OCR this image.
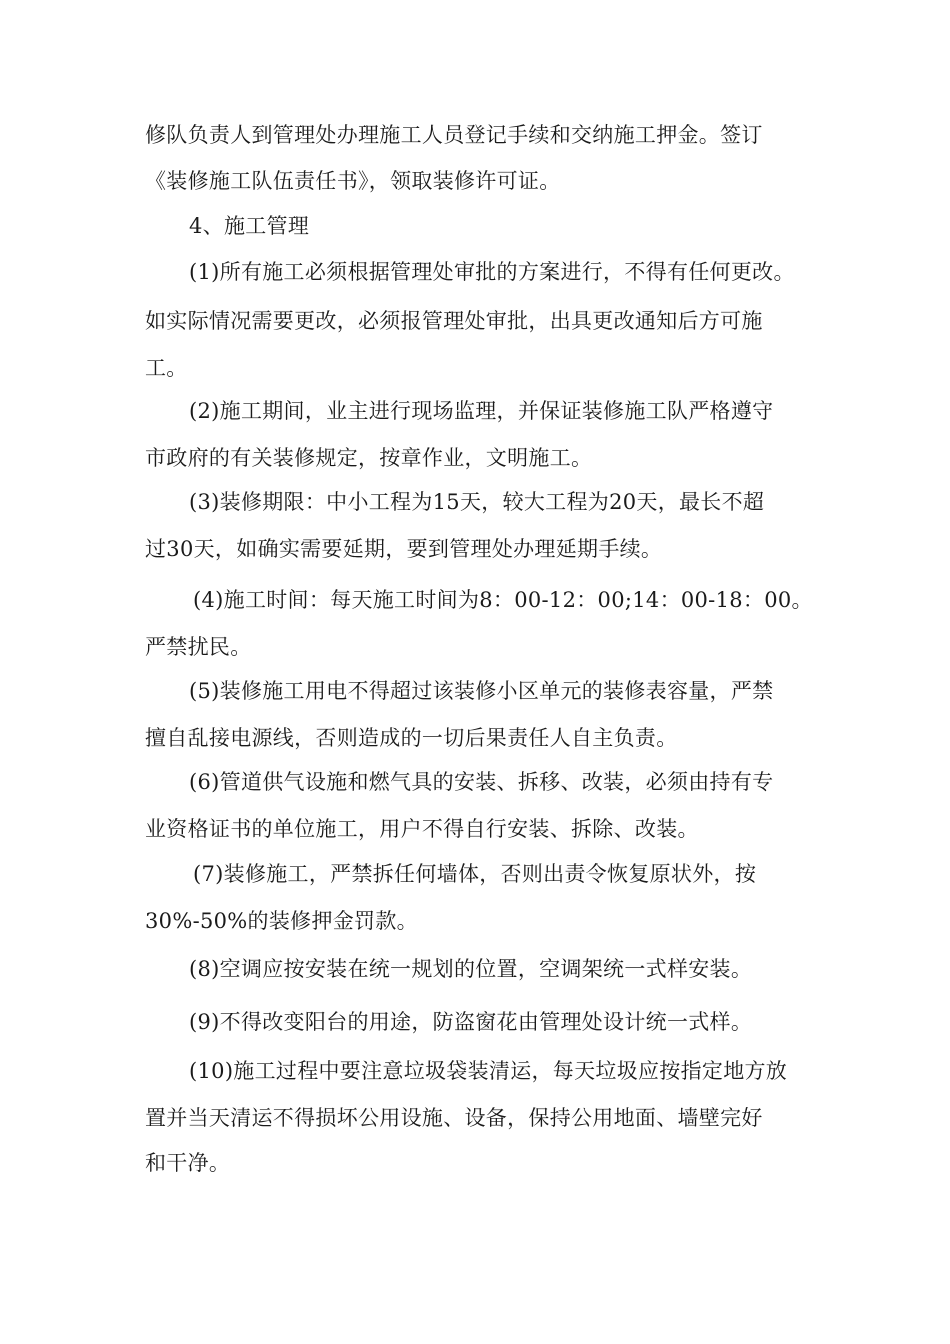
修队负责人到管理处办理施工人员登记手续和交纳施工押金。签订
《装修施工队伍责任书》，领取装修许可证。
4、施工管理
(1)所有施工必须根据管理处审批的方案进行，不得有任何更改。
如实际情况需要更改，必须报管理处审批，出具更改通知后方可施
工。
(2)施工期间，业主进行现场监理，并保证装修施工队严格遵守
市政府的有关装修规定，按章作业，文明施工。
(3)装修期限：中小工程为15天，较大工程为20天，最长不超
过30天，如确实需要延期，要到管理处办理延期手续。
(4)施工时间：每天施工时间为8：00-12：00;14：00-18：00。
严禁扰民。
(5)装修施工用电不得超过该装修小区单元的装修表容量，严禁
擅自乱接电源线，否则造成的一切后果责任人自主负责。
(6)管道供气设施和燃气具的安装、拆移、改装，必须由持有专
业资格证书的单位施工，用户不得自行安装、拆除、改装。
(7)装修施工，严禁拆任何墙体，否则出责令恢复原状外，按
30%-50%的装修押金罚款。
(8)空调应按安装在统一规划的位置，空调架统一式样安装。
(9)不得改变阳台的用途，防盗窗花由管理处设计统一式样。
(10)施工过程中要注意垃圾袋装清运，每天垃圾应按指定地方放
置并当天清运不得损坏公用设施、设备，保持公用地面、墙壁完好
和干净。
